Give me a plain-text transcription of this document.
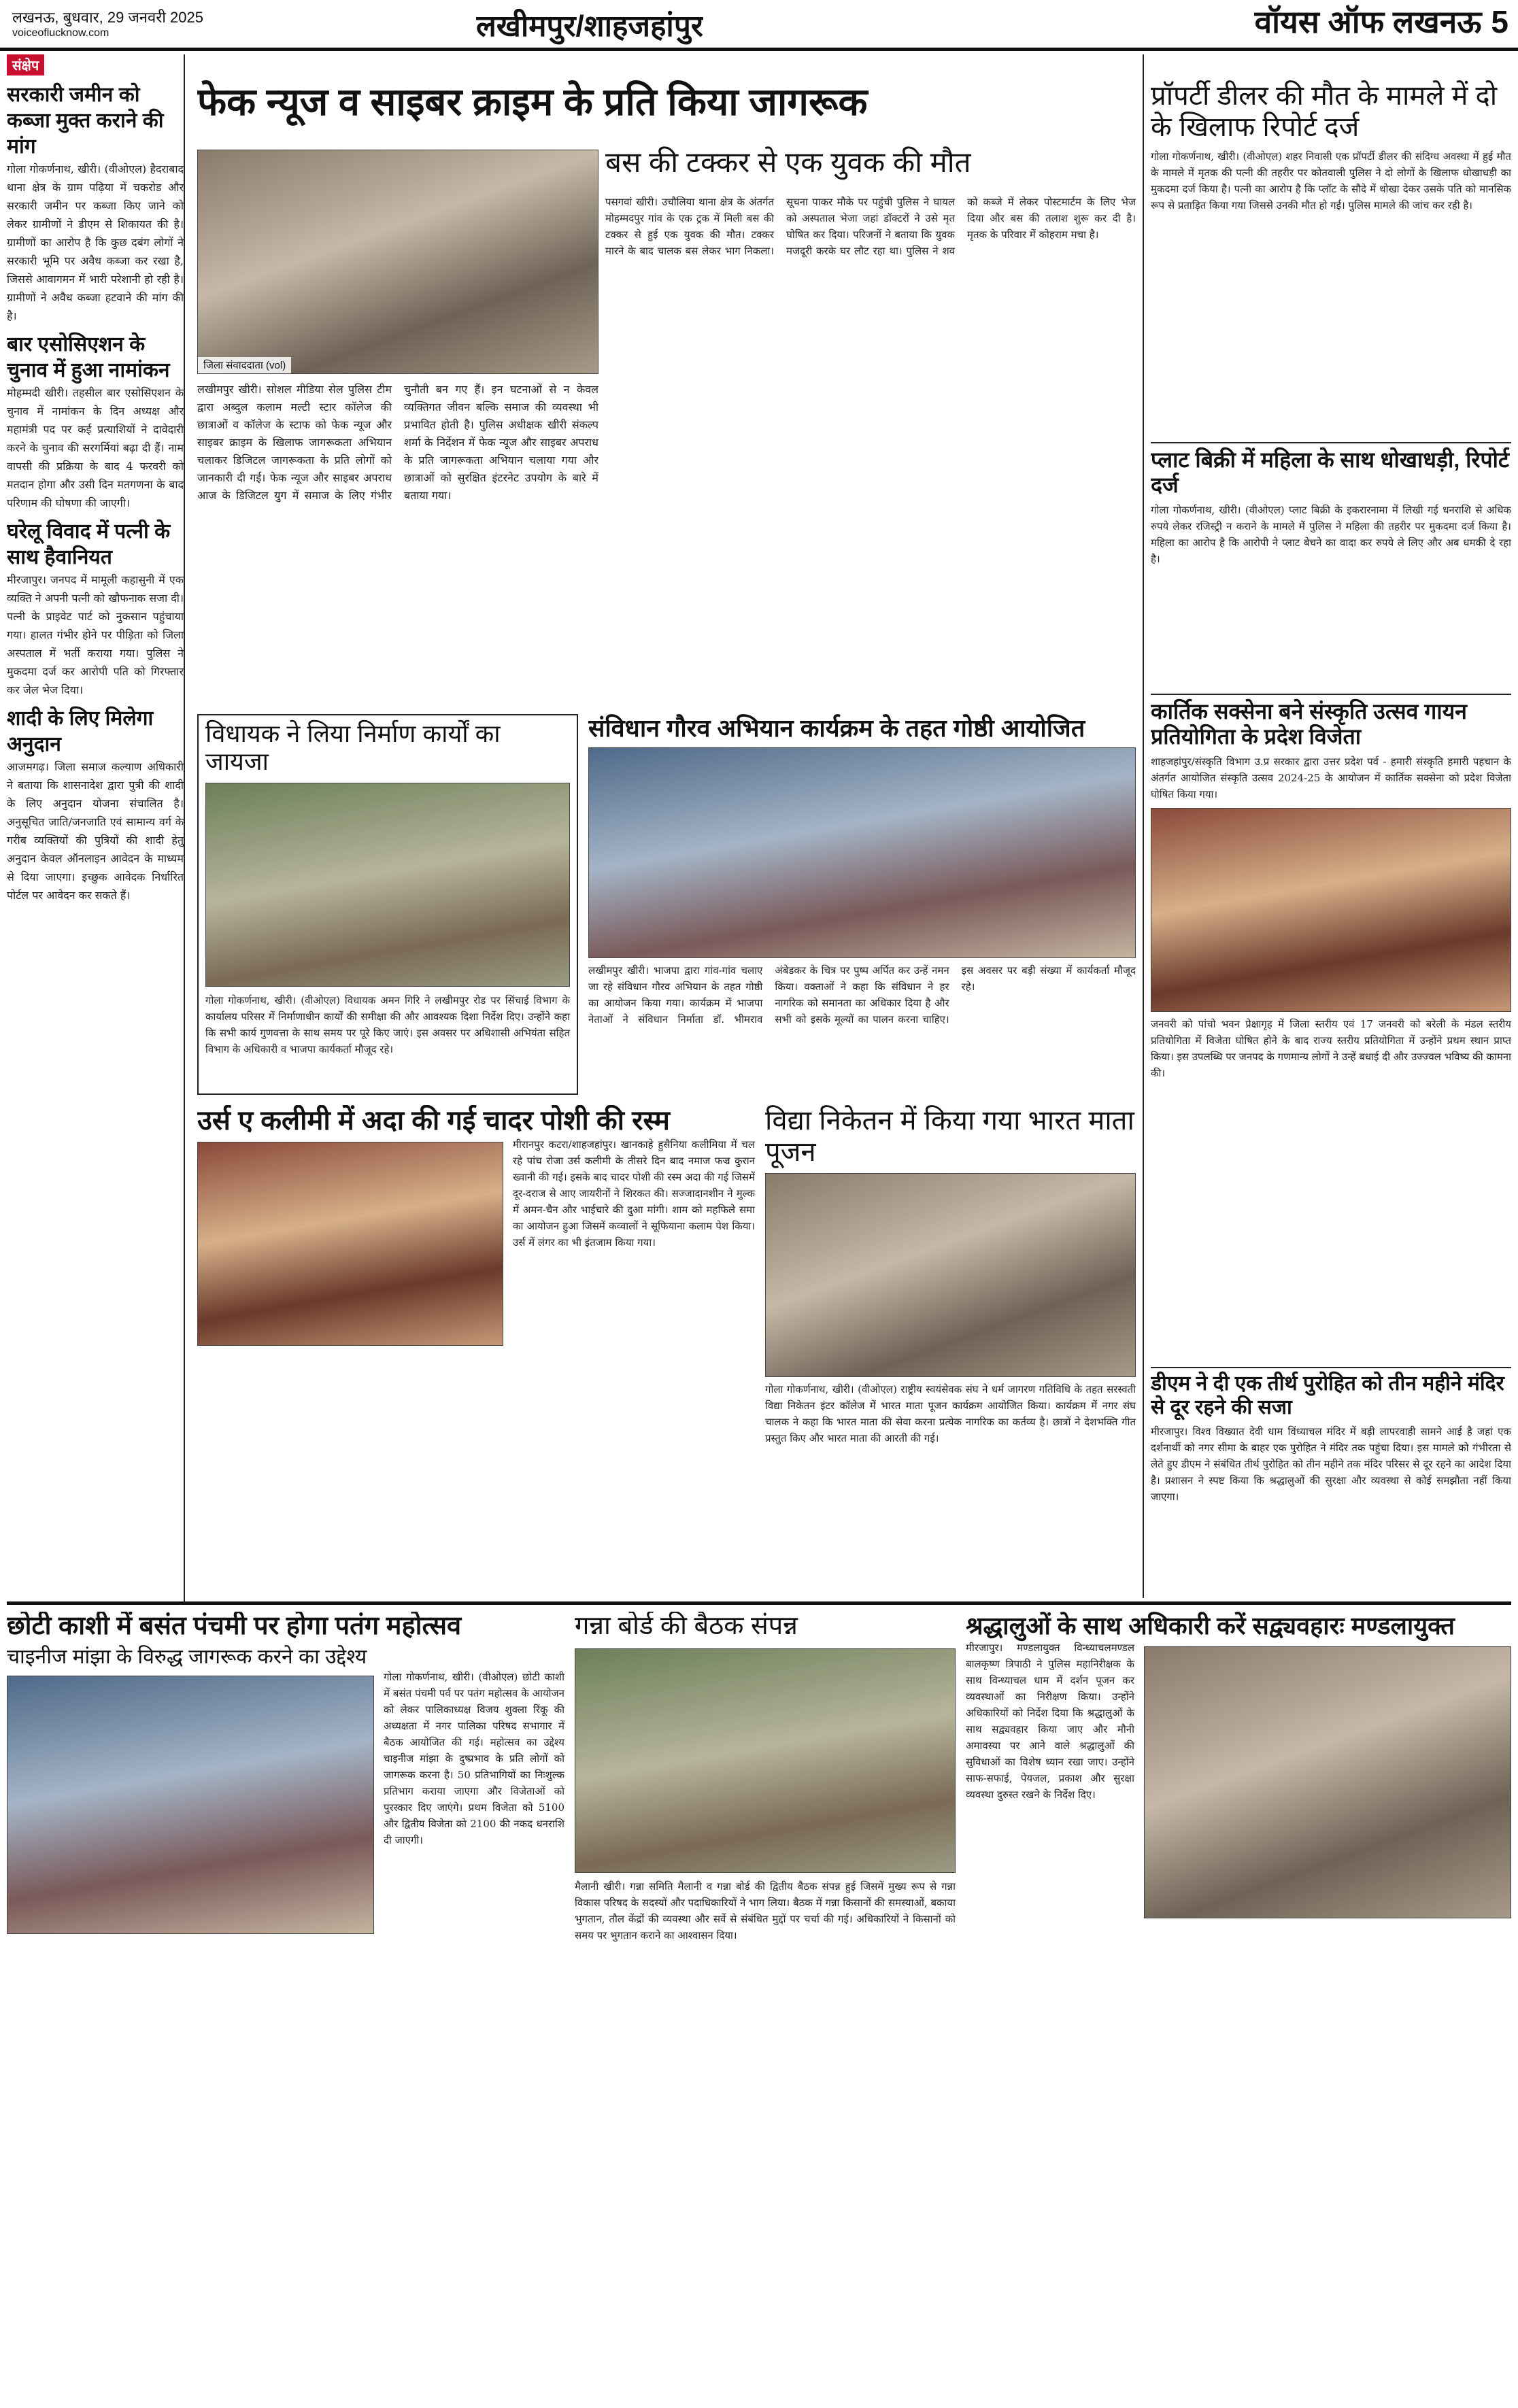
लखनऊ, बुधवार, 29 जनवरी 2025
voiceoflucknow.com	लखीमपुर/शाहजहांपुर	वॉयस ऑफ लखनऊ 5
संक्षेप
सरकारी जमीन को कब्जा मुक्त कराने की मांग
गोला गोकर्णनाथ, खीरी। (वीओएल) हैदराबाद थाना क्षेत्र के ग्राम पढ़िया में चकरोड और सरकारी जमीन पर कब्जा किए जाने को लेकर ग्रामीणों ने डीएम से शिकायत की है। ग्रामीणों का आरोप है कि कुछ दबंग लोगों ने सरकारी भूमि पर अवैध कब्जा कर रखा है, जिससे आवागमन में भारी परेशानी हो रही है। ग्रामीणों ने अवैध कब्जा हटवाने की मांग की है।
बार एसोसिएशन के चुनाव में हुआ नामांकन
मोहम्मदी खीरी। तहसील बार एसोसिएशन के चुनाव में नामांकन के दिन अध्यक्ष और महामंत्री पद पर कई प्रत्याशियों ने दावेदारी करने के चुनाव की सरगर्मियां बढ़ा दी हैं। नाम वापसी की प्रक्रिया के बाद 4 फरवरी को मतदान होगा और उसी दिन मतगणना के बाद परिणाम की घोषणा की जाएगी।
घरेलू विवाद में पत्नी के साथ हैवानियत
मीरजापुर। जनपद में मामूली कहासुनी में एक व्यक्ति ने अपनी पत्नी को खौफनाक सजा दी। पत्नी के प्राइवेट पार्ट को नुकसान पहुंचाया गया। हालत गंभीर होने पर पीड़िता को जिला अस्पताल में भर्ती कराया गया। पुलिस ने मुकदमा दर्ज कर आरोपी पति को गिरफ्तार कर जेल भेज दिया।
शादी के लिए मिलेगा अनुदान
आजमगढ़। जिला समाज कल्याण अधिकारी ने बताया कि शासनादेश द्वारा पुत्री की शादी के लिए अनुदान योजना संचालित है। अनुसूचित जाति/जनजाति एवं सामान्य वर्ग के गरीब व्यक्तियों की पुत्रियों की शादी हेतु अनुदान केवल ऑनलाइन आवेदन के माध्यम से दिया जाएगा। इच्छुक आवेदक निर्धारित पोर्टल पर आवेदन कर सकते हैं।
फेक न्यूज व साइबर क्राइम के प्रति किया जागरूक
जिला संवाददाता (vol)
लखीमपुर खीरी। सोशल मीडिया सेल पुलिस टीम द्वारा अब्दुल कलाम मल्टी स्टार कॉलेज की छात्राओं व कॉलेज के स्टाफ को फेक न्यूज और साइबर क्राइम के खिलाफ जागरूकता अभियान चलाकर डिजिटल जागरूकता के प्रति लोगों को जानकारी दी गई। फेक न्यूज और साइबर अपराध आज के डिजिटल युग में समाज के लिए गंभीर चुनौती बन गए हैं। इन घटनाओं से न केवल व्यक्तिगत जीवन बल्कि समाज की व्यवस्था भी प्रभावित होती है। पुलिस अधीक्षक खीरी संकल्प शर्मा के निर्देशन में फेक न्यूज और साइबर अपराध के प्रति जागरूकता अभियान चलाया गया और छात्राओं को सुरक्षित इंटरनेट उपयोग के बारे में बताया गया।
बस की टक्कर से एक युवक की मौत
पसगवां खीरी। उचौलिया थाना क्षेत्र के अंतर्गत मोहम्मदपुर गांव के एक ट्रक में मिली बस की टक्कर से हुई एक युवक की मौत। टक्कर मारने के बाद चालक बस लेकर भाग निकला। सूचना पाकर मौके पर पहुंची पुलिस ने घायल को अस्पताल भेजा जहां डॉक्टरों ने उसे मृत घोषित कर दिया। परिजनों ने बताया कि युवक मजदूरी करके घर लौट रहा था। पुलिस ने शव को कब्जे में लेकर पोस्टमार्टम के लिए भेज दिया और बस की तलाश शुरू कर दी है। मृतक के परिवार में कोहराम मचा है।
विधायक ने लिया निर्माण कार्यों का जायजा
गोला गोकर्णनाथ, खीरी। (वीओएल) विधायक अमन गिरि ने लखीमपुर रोड पर सिंचाई विभाग के कार्यालय परिसर में निर्माणाधीन कार्यों की समीक्षा की और आवश्यक दिशा निर्देश दिए। उन्होंने कहा कि सभी कार्य गुणवत्ता के साथ समय पर पूरे किए जाएं। इस अवसर पर अधिशासी अभियंता सहित विभाग के अधिकारी व भाजपा कार्यकर्ता मौजूद रहे।
संविधान गौरव अभियान कार्यक्रम के तहत गोष्ठी आयोजित
लखीमपुर खीरी। भाजपा द्वारा गांव-गांव चलाए जा रहे संविधान गौरव अभियान के तहत गोष्ठी का आयोजन किया गया। कार्यक्रम में भाजपा नेताओं ने संविधान निर्माता डॉ. भीमराव अंबेडकर के चित्र पर पुष्प अर्पित कर उन्हें नमन किया। वक्ताओं ने कहा कि संविधान ने हर नागरिक को समानता का अधिकार दिया है और सभी को इसके मूल्यों का पालन करना चाहिए। इस अवसर पर बड़ी संख्या में कार्यकर्ता मौजूद रहे।
उर्स ए कलीमी में अदा की गई चादर पोशी की रस्म
मीरानपुर कटरा/शाहजहांपुर। खानकाहे हुसैनिया कलीमिया में चल रहे पांच रोजा उर्स कलीमी के तीसरे दिन बाद नमाज फज्र कुरान ख्वानी की गई। इसके बाद चादर पोशी की रस्म अदा की गई जिसमें दूर-दराज से आए जायरीनों ने शिरकत की। सज्जादानशीन ने मुल्क में अमन-चैन और भाईचारे की दुआ मांगी। शाम को महफिले समा का आयोजन हुआ जिसमें कव्वालों ने सूफियाना कलाम पेश किया। उर्स में लंगर का भी इंतजाम किया गया।
विद्या निकेतन में किया गया भारत माता पूजन
गोला गोकर्णनाथ, खीरी। (वीओएल) राष्ट्रीय स्वयंसेवक संघ ने धर्म जागरण गतिविधि के तहत सरस्वती विद्या निकेतन इंटर कॉलेज में भारत माता पूजन कार्यक्रम आयोजित किया। कार्यक्रम में नगर संघ चालक ने कहा कि भारत माता की सेवा करना प्रत्येक नागरिक का कर्तव्य है। छात्रों ने देशभक्ति गीत प्रस्तुत किए और भारत माता की आरती की गई।
प्रॉपर्टी डीलर की मौत के मामले में दो के खिलाफ रिपोर्ट दर्ज
गोला गोकर्णनाथ, खीरी। (वीओएल) शहर निवासी एक प्रॉपर्टी डीलर की संदिग्ध अवस्था में हुई मौत के मामले में मृतक की पत्नी की तहरीर पर कोतवाली पुलिस ने दो लोगों के खिलाफ धोखाधड़ी का मुकदमा दर्ज किया है। पत्नी का आरोप है कि प्लॉट के सौदे में धोखा देकर उसके पति को मानसिक रूप से प्रताड़ित किया गया जिससे उनकी मौत हो गई। पुलिस मामले की जांच कर रही है।
प्लाट बिक्री में महिला के साथ धोखाधड़ी, रिपोर्ट दर्ज
गोला गोकर्णनाथ, खीरी। (वीओएल) प्लाट बिक्री के इकरारनामा में लिखी गई धनराशि से अधिक रुपये लेकर रजिस्ट्री न कराने के मामले में पुलिस ने महिला की तहरीर पर मुकदमा दर्ज किया है। महिला का आरोप है कि आरोपी ने प्लाट बेचने का वादा कर रुपये ले लिए और अब धमकी दे रहा है।
कार्तिक सक्सेना बने संस्कृति उत्सव गायन प्रतियोगिता के प्रदेश विजेता
शाहजहांपुर/संस्कृति विभाग उ.प्र सरकार द्वारा उत्तर प्रदेश पर्व - हमारी संस्कृति हमारी पहचान के अंतर्गत आयोजित संस्कृति उत्सव 2024-25 के आयोजन में कार्तिक सक्सेना को प्रदेश विजेता घोषित किया गया।
जनवरी को पांचो भवन प्रेक्षागृह में जिला स्तरीय एवं 17 जनवरी को बरेली के मंडल स्तरीय प्रतियोगिता में विजेता घोषित होने के बाद राज्य स्तरीय प्रतियोगिता में उन्होंने प्रथम स्थान प्राप्त किया। इस उपलब्धि पर जनपद के गणमान्य लोगों ने उन्हें बधाई दी और उज्ज्वल भविष्य की कामना की।
डीएम ने दी एक तीर्थ पुरोहित को तीन महीने मंदिर से दूर रहने की सजा
मीरजापुर। विश्व विख्यात देवी धाम विंध्याचल मंदिर में बड़ी लापरवाही सामने आई है जहां एक दर्शनार्थी को नगर सीमा के बाहर एक पुरोहित ने मंदिर तक पहुंचा दिया। इस मामले को गंभीरता से लेते हुए डीएम ने संबंधित तीर्थ पुरोहित को तीन महीने तक मंदिर परिसर से दूर रहने का आदेश दिया है। प्रशासन ने स्पष्ट किया कि श्रद्धालुओं की सुरक्षा और व्यवस्था से कोई समझौता नहीं किया जाएगा।
छोटी काशी में बसंत पंचमी पर होगा पतंग महोत्सव
चाइनीज मांझा के विरुद्ध जागरूक करने का उद्देश्य
गोला गोकर्णनाथ, खीरी। (वीओएल) छोटी काशी में बसंत पंचमी पर्व पर पतंग महोत्सव के आयोजन को लेकर पालिकाध्यक्ष विजय शुक्ला रिंकू की अध्यक्षता में नगर पालिका परिषद सभागार में बैठक आयोजित की गई। महोत्सव का उद्देश्य चाइनीज मांझा के दुष्प्रभाव के प्रति लोगों को जागरूक करना है। 50 प्रतिभागियों का निःशुल्क प्रतिभाग कराया जाएगा और विजेताओं को पुरस्कार दिए जाएंगे। प्रथम विजेता को 5100 और द्वितीय विजेता को 2100 की नकद धनराशि दी जाएगी।
गन्ना बोर्ड की बैठक संपन्न
मैलानी खीरी। गन्ना समिति मैलानी व गन्ना बोर्ड की द्वितीय बैठक संपन्न हुई जिसमें मुख्य रूप से गन्ना विकास परिषद के सदस्यों और पदाधिकारियों ने भाग लिया। बैठक में गन्ना किसानों की समस्याओं, बकाया भुगतान, तौल केंद्रों की व्यवस्था और सर्वे से संबंधित मुद्दों पर चर्चा की गई। अधिकारियों ने किसानों को समय पर भुगतान कराने का आश्वासन दिया।
श्रद्धालुओं के साथ अधिकारी करें सद्व्यवहारः मण्डलायुक्त
मीरजापुर। मण्डलायुक्त विन्ध्याचलमण्डल बालकृष्ण त्रिपाठी ने पुलिस महानिरीक्षक के साथ विन्ध्याचल धाम में दर्शन पूजन कर व्यवस्थाओं का निरीक्षण किया। उन्होंने अधिकारियों को निर्देश दिया कि श्रद्धालुओं के साथ सद्व्यवहार किया जाए और मौनी अमावस्या पर आने वाले श्रद्धालुओं की सुविधाओं का विशेष ध्यान रखा जाए। उन्होंने साफ-सफाई, पेयजल, प्रकाश और सुरक्षा व्यवस्था दुरुस्त रखने के निर्देश दिए।
